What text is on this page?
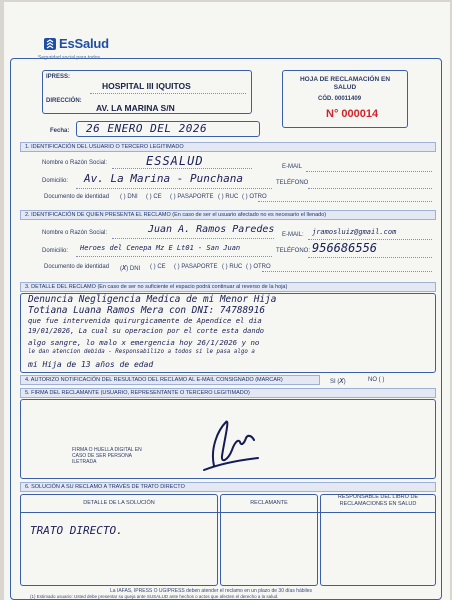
EsSalud
Seguridad social para todos
IPRESS:
HOSPITAL III IQUITOS
DIRECCIÓN:
AV. LA MARINA S/N
Fecha: 26 ENERO DEL 2026
HOJA DE RECLAMACIÓN EN SALUD
CÓD. 00011409
N° 000014
1. IDENTIFICACIÓN DEL USUARIO O TERCERO LEGITIMADO
Nombre o Razón Social:	ESSALUD	E-MAIL
Domicilio: Av. La Marina - Punchana	TELÉFONO
Documento de identidad ( ) DNI ( ) CE ( ) PASAPORTE ( ) RUC ( ) OTRO
2. IDENTIFICACIÓN DE QUIEN PRESENTA EL RECLAMO (En caso de ser el usuario afectado no es necesario el llenado)
Nombre o Razón Social:	Juan A. Ramos Paredes E-MAIL: jramosluiz@gmail.com
Domicilio: Heroes del Cenepa Mz E Lt01 - San Juan	TELÉFONO: 956686556
Documento de identidad (X) DNI ( ) CE ( ) PASAPORTE ( ) RUC ( ) OTRO
3. DETALLE DEL RECLAMO (En caso de ser no suficiente el espacio podrá continuar al reverso de la hoja)
Denuncia Negligencia Medica de mi Menor Hija
Totiana Luana Ramos Mera con DNI: 74788916
que fue intervenida quirurgicamente de Apendice el dia
19/01/2026, La cual su operacion por el corte esta dando
algo sangre, lo malo x emergencia hoy 26/1/2026 y no
le dan atencion debida - Responsabilizo a todos si le pasa algo a
mi Hija de 13 años de edad
4. AUTORIZO NOTIFICACIÓN DEL RESULTADO DEL RECLAMO AL E-MAIL CONSIGNADO (MARCAR)	SI (X)	NO ( )
5. FIRMA DEL RECLAMANTE (USUARIO, REPRESENTANTE O TERCERO LEGITIMADO)
FIRMA O HUELLA DIGITAL EN CASO DE SER PERSONA ILETRADA
6. SOLUCIÓN A SU RECLAMO A TRAVÉS DE TRATO DIRECTO
DETALLE DE LA SOLUCIÓN	RECLAMANTE
RESPONSABLE DEL LIBRO DE RECLAMACIONES EN SALUD
TRATO DIRECTO.
La IAFAS, IPRESS O UGIPRESS deben atender el reclamo en un plazo de 30 días hábiles
(1) Estimado usuario: Usted debe presentar su queja ante SUSALUD ante hechos o actos que afecten el derecho a la salud.
